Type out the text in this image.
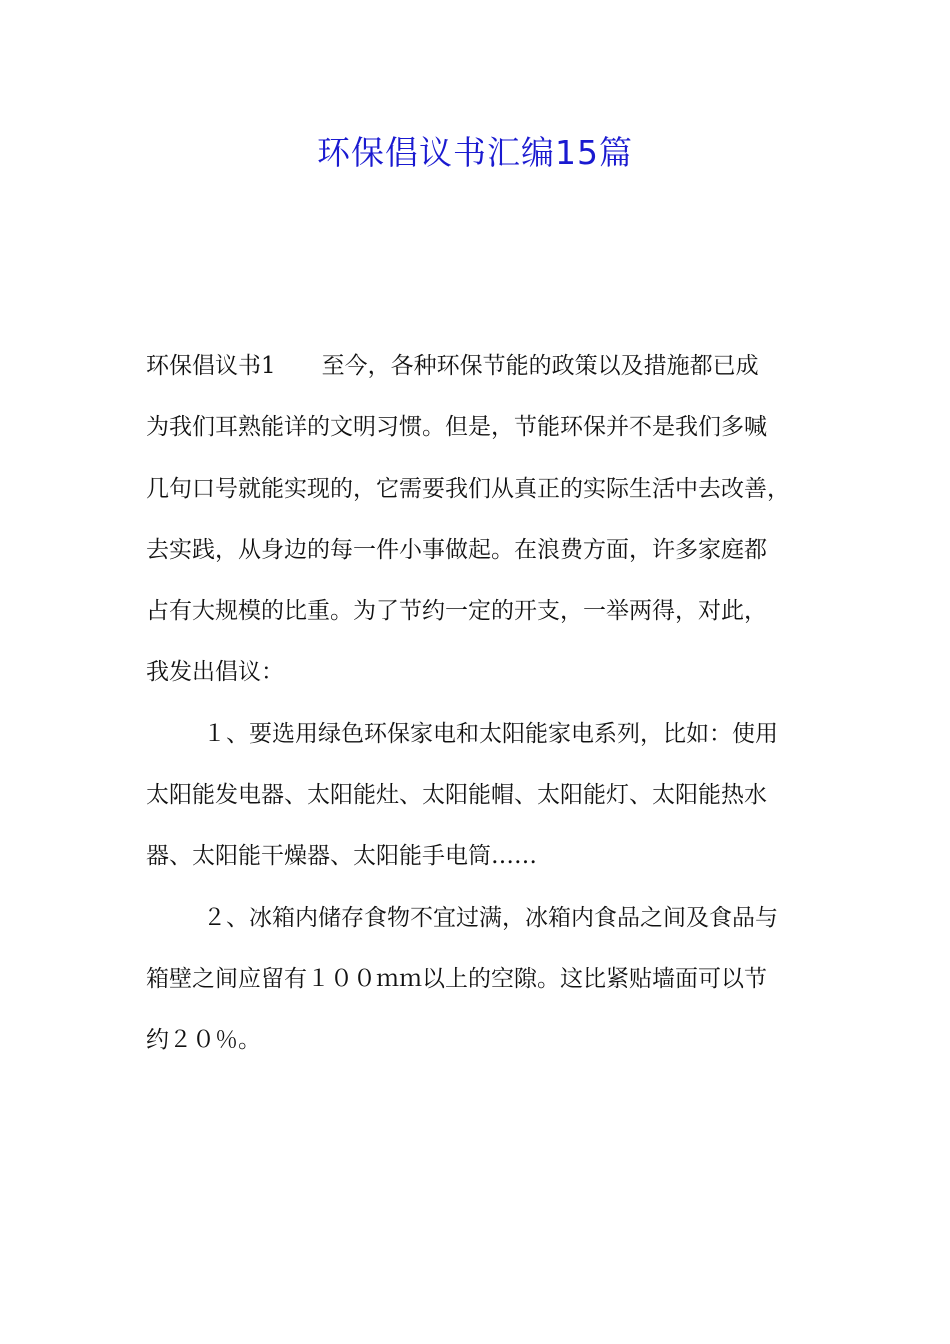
环保倡议书汇编15篇
环保倡议书1　　至今，各种环保节能的政策以及措施都已成
为我们耳熟能详的文明习惯。但是，节能环保并不是我们多喊
几句口号就能实现的，它需要我们从真正的实际生活中去改善，
去实践，从身边的每一件小事做起。在浪费方面，许多家庭都
占有大规模的比重。为了节约一定的开支，一举两得，对此，
我发出倡议：
１、要选用绿色环保家电和太阳能家电系列，比如：使用
太阳能发电器、太阳能灶、太阳能帽、太阳能灯、太阳能热水
器、太阳能干燥器、太阳能手电筒……
２、冰箱内储存食物不宜过满，冰箱内食品之间及食品与
箱壁之间应留有１００ｍｍ以上的空隙。这比紧贴墙面可以节
约２０％。
